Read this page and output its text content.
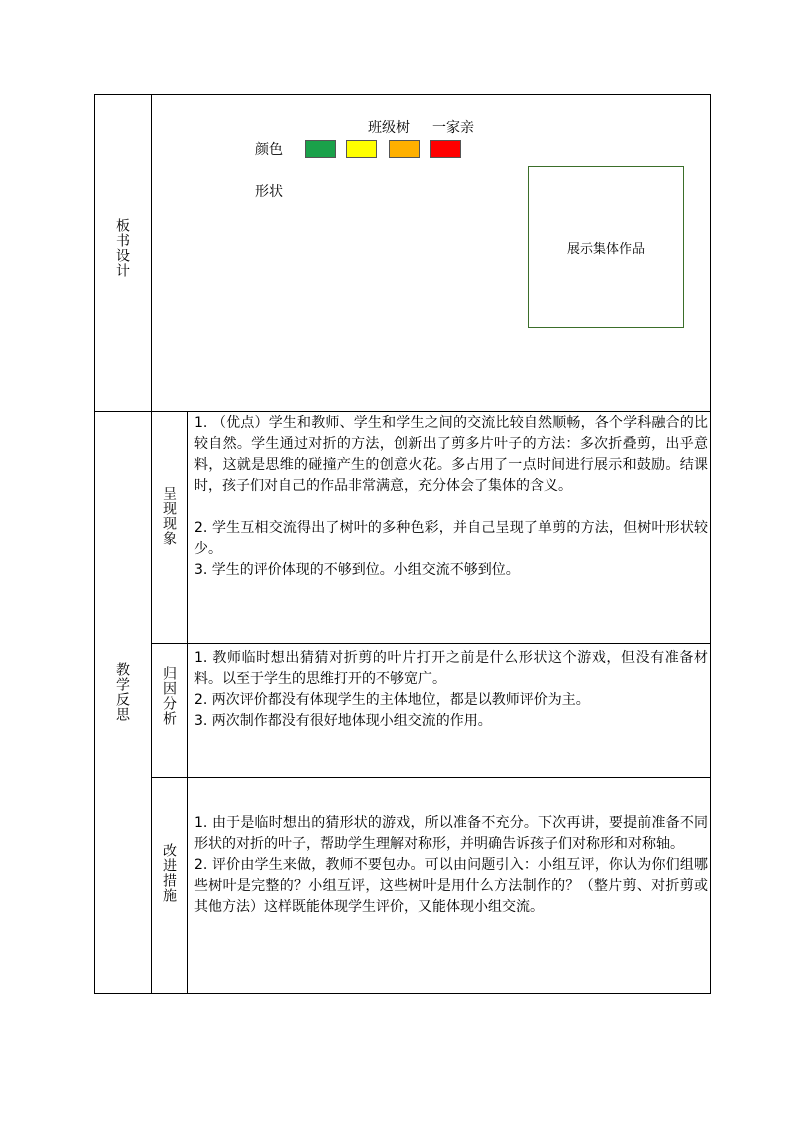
板书设计
班级树 一家亲
颜色
形状
展示集体作品
教学反思
呈现现象
归因分析
改进措施

1. （优点）学生和教师、学生和学生之间的交流比较自然顺畅，各个学科融合的比较自然。学生通过对折的方法，创新出了剪多片叶子的方法：多次折叠剪，出乎意料，这就是思维的碰撞产生的创意火花。多占用了一点时间进行展示和鼓励。结课时，孩子们对自己的作品非常满意，充分体会了集体的含义。

2. 学生互相交流得出了树叶的多种色彩，并自己呈现了单剪的方法，但树叶形状较少。

3. 学生的评价体现的不够到位。小组交流不够到位。

1. 教师临时想出猜猜对折剪的叶片打开之前是什么形状这个游戏，但没有准备材料。以至于学生的思维打开的不够宽广。

2. 两次评价都没有体现学生的主体地位，都是以教师评价为主。

3. 两次制作都没有很好地体现小组交流的作用。

1. 由于是临时想出的猜形状的游戏，所以准备不充分。下次再讲，要提前准备不同形状的对折的叶子，帮助学生理解对称形，并明确告诉孩子们对称形和对称轴。

2. 评价由学生来做，教师不要包办。可以由问题引入：小组互评，你认为你们组哪些树叶是完整的？小组互评，这些树叶是用什么方法制作的？（整片剪、对折剪或其他方法）这样既能体现学生评价，又能体现小组交流。
